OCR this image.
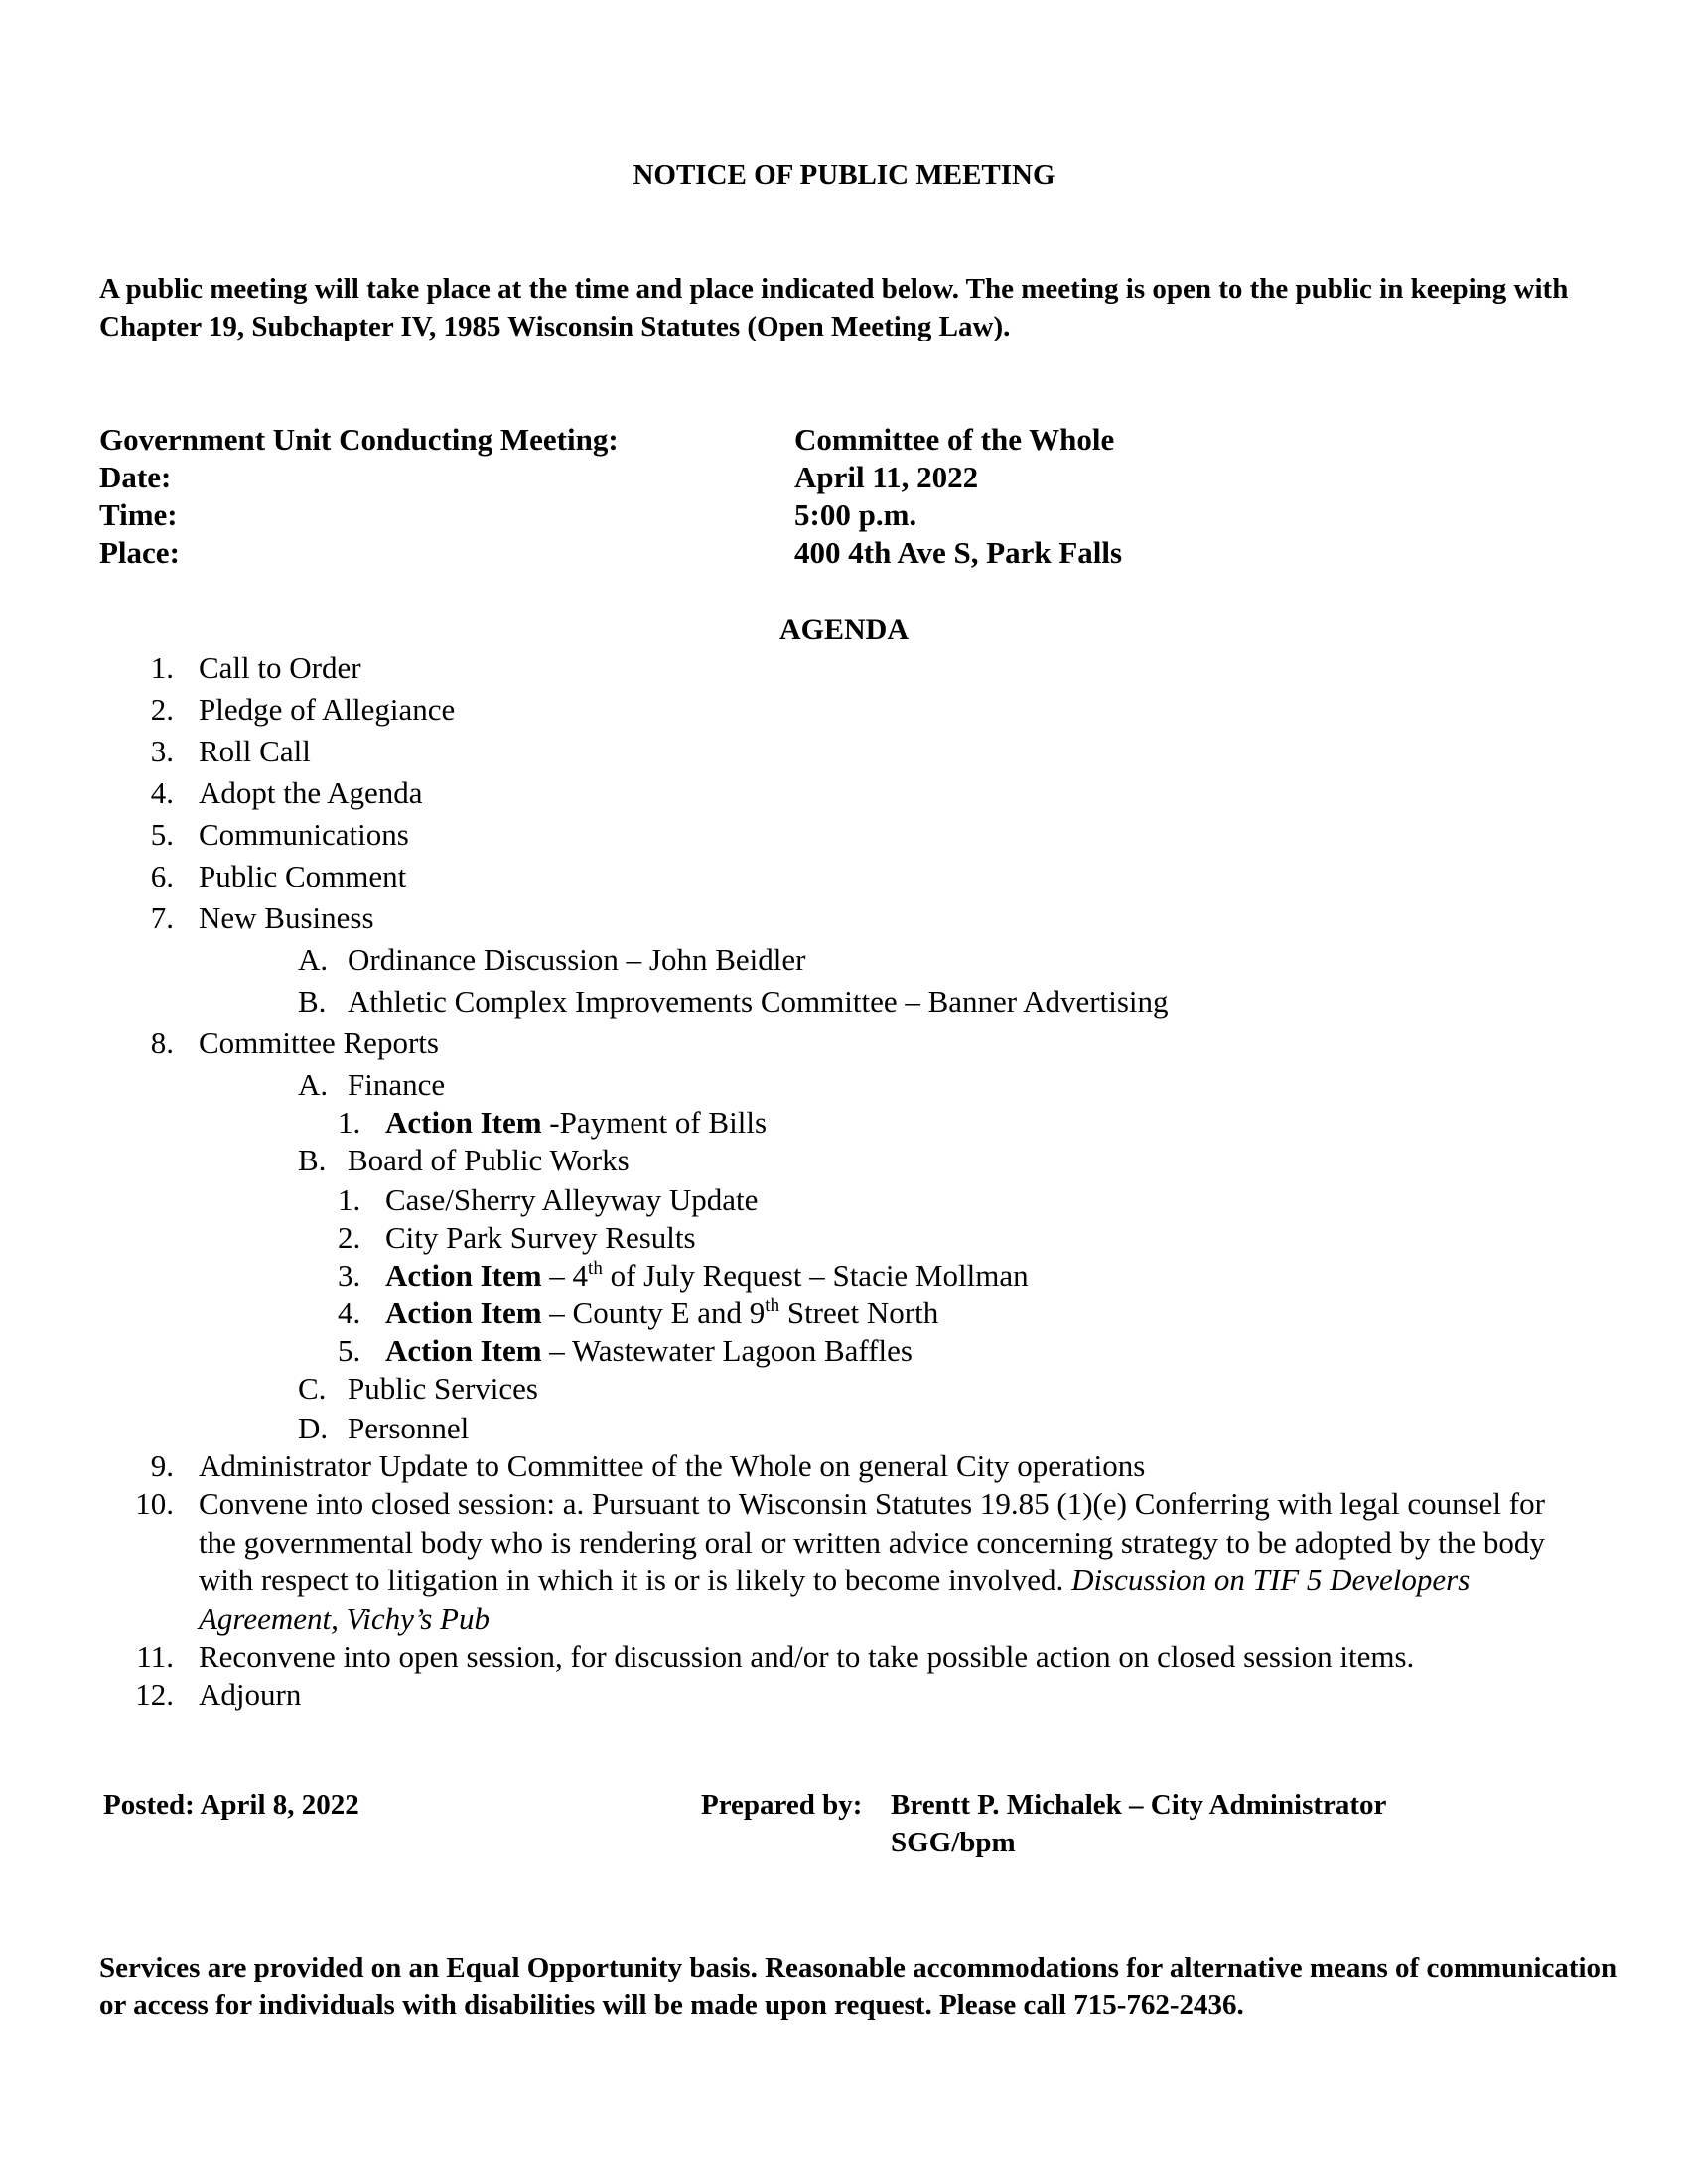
NOTICE OF PUBLIC MEETING
A public meeting will take place at the time and place indicated below. The meeting is open to the public in keeping with Chapter 19, Subchapter IV, 1985 Wisconsin Statutes (Open Meeting Law).
Government Unit Conducting Meeting:	Committee of the Whole
Date:	April 11, 2022
Time:	5:00 p.m.
Place:	400 4th Ave S, Park Falls
AGENDA
1. Call to Order
2. Pledge of Allegiance
3. Roll Call
4. Adopt the Agenda
5. Communications
6. Public Comment
7. New Business
A. Ordinance Discussion – John Beidler
B. Athletic Complex Improvements Committee – Banner Advertising
8. Committee Reports
A. Finance
1. Action Item -Payment of Bills
B. Board of Public Works
1. Case/Sherry Alleyway Update
2. City Park Survey Results
3. Action Item – 4th of July Request – Stacie Mollman
4. Action Item – County E and 9th Street North
5. Action Item – Wastewater Lagoon Baffles
C. Public Services
D. Personnel
9. Administrator Update to Committee of the Whole on general City operations
10. Convene into closed session: a. Pursuant to Wisconsin Statutes 19.85 (1)(e) Conferring with legal counsel for the governmental body who is rendering oral or written advice concerning strategy to be adopted by the body with respect to litigation in which it is or is likely to become involved. Discussion on TIF 5 Developers Agreement, Vichy’s Pub
11. Reconvene into open session, for discussion and/or to take possible action on closed session items.
12. Adjourn
Posted: April 8, 2022	Prepared by: Brentt P. Michalek – City Administrator
SGG/bpm
Services are provided on an Equal Opportunity basis. Reasonable accommodations for alternative means of communication or access for individuals with disabilities will be made upon request. Please call 715-762-2436.
